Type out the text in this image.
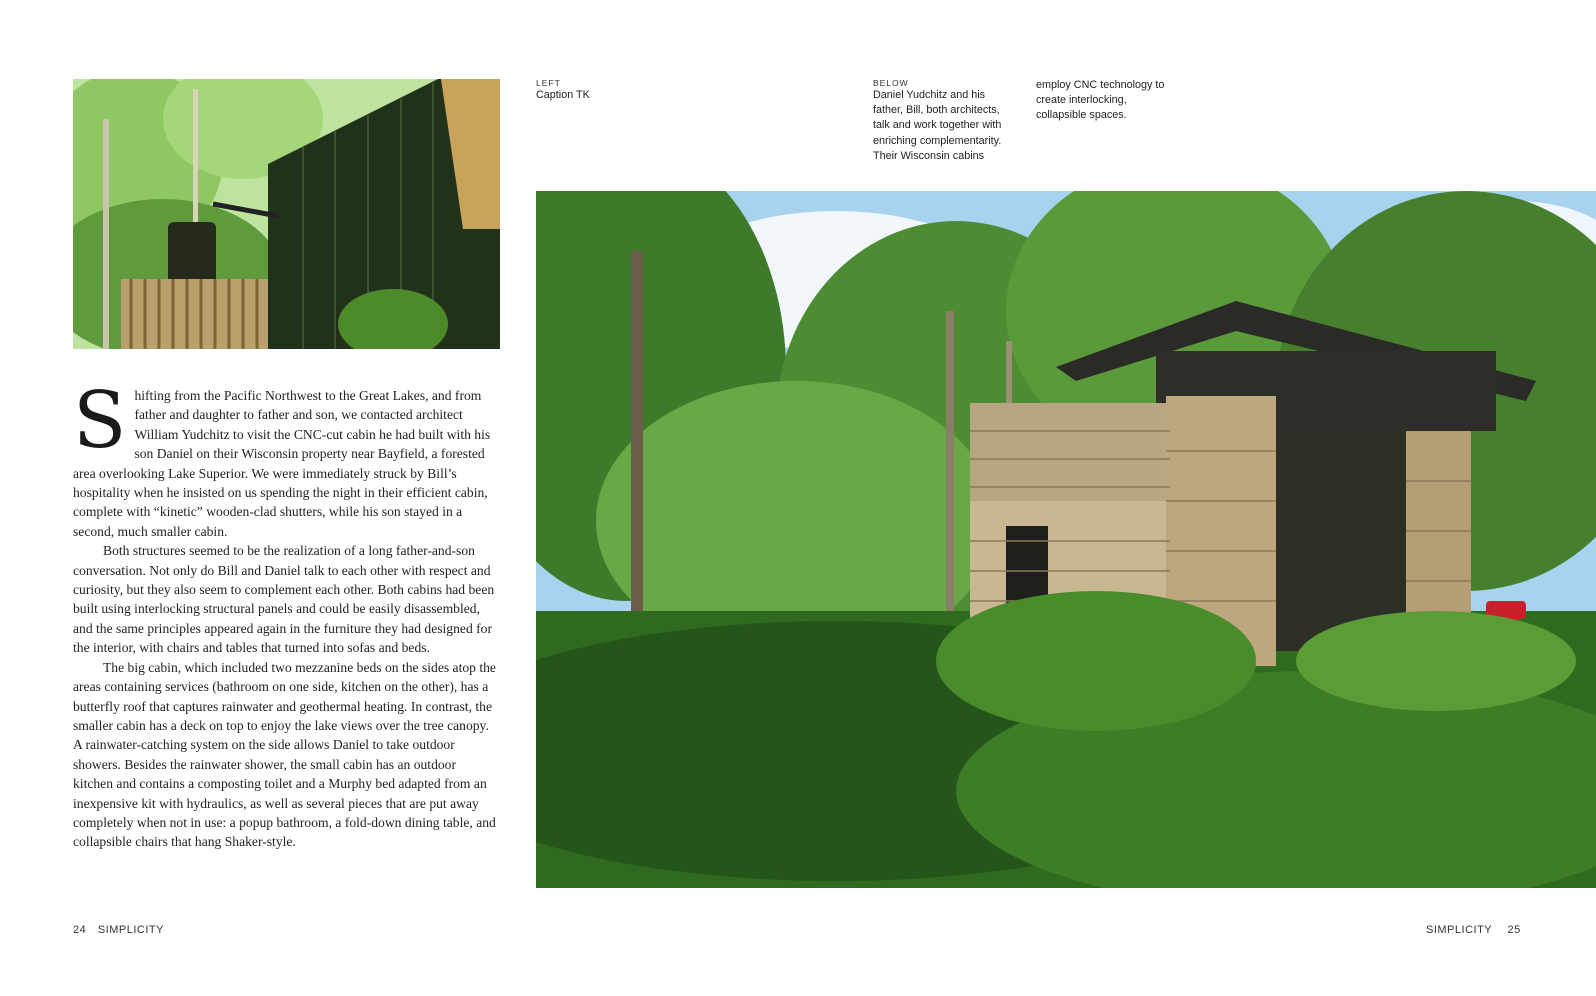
Shifting from the Pacific Northwest to the Great Lakes, and from father and daughter to father and son, we contacted architect William Yudchitz to visit the CNC-cut cabin he had built with his son Daniel on their Wisconsin property near Bayfield, a forested area overlooking Lake Superior. We were immediately struck by Bill’s hospitality when he insisted on us spending the night in their efficient cabin, complete with “kinetic” wooden-clad shutters, while his son stayed in a second, much smaller cabin.

Both structures seemed to be the realization of a long father-and-son conversation. Not only do Bill and Daniel talk to each other with respect and curiosity, but they also seem to complement each other. Both cabins had been built using interlocking structural panels and could be easily disassembled, and the same principles appeared again in the furniture they had designed for the interior, with chairs and tables that turned into sofas and beds.

The big cabin, which included two mezzanine beds on the sides atop the areas containing services (bathroom on one side, kitchen on the other), has a butterfly roof that captures rainwater and geothermal heating. In contrast, the smaller cabin has a deck on top to enjoy the lake views over the tree canopy. A rainwater-catching system on the side allows Daniel to take outdoor showers. Besides the rainwater shower, the small cabin has an outdoor kitchen and contains a composting toilet and a Murphy bed adapted from an inexpensive kit with hydraulics, as well as several pieces that are put away completely when not in use: a popup bathroom, a fold-down dining table, and collapsible chairs that hang Shaker-style.

24 SIMPLICITY
LEFT
Caption TK
BELOW
Daniel Yudchitz and his father, Bill, both architects, talk and work together with enriching complementarity. Their Wisconsin cabins
employ CNC technology to create interlocking, collapsible spaces.
SIMPLICITY 25
